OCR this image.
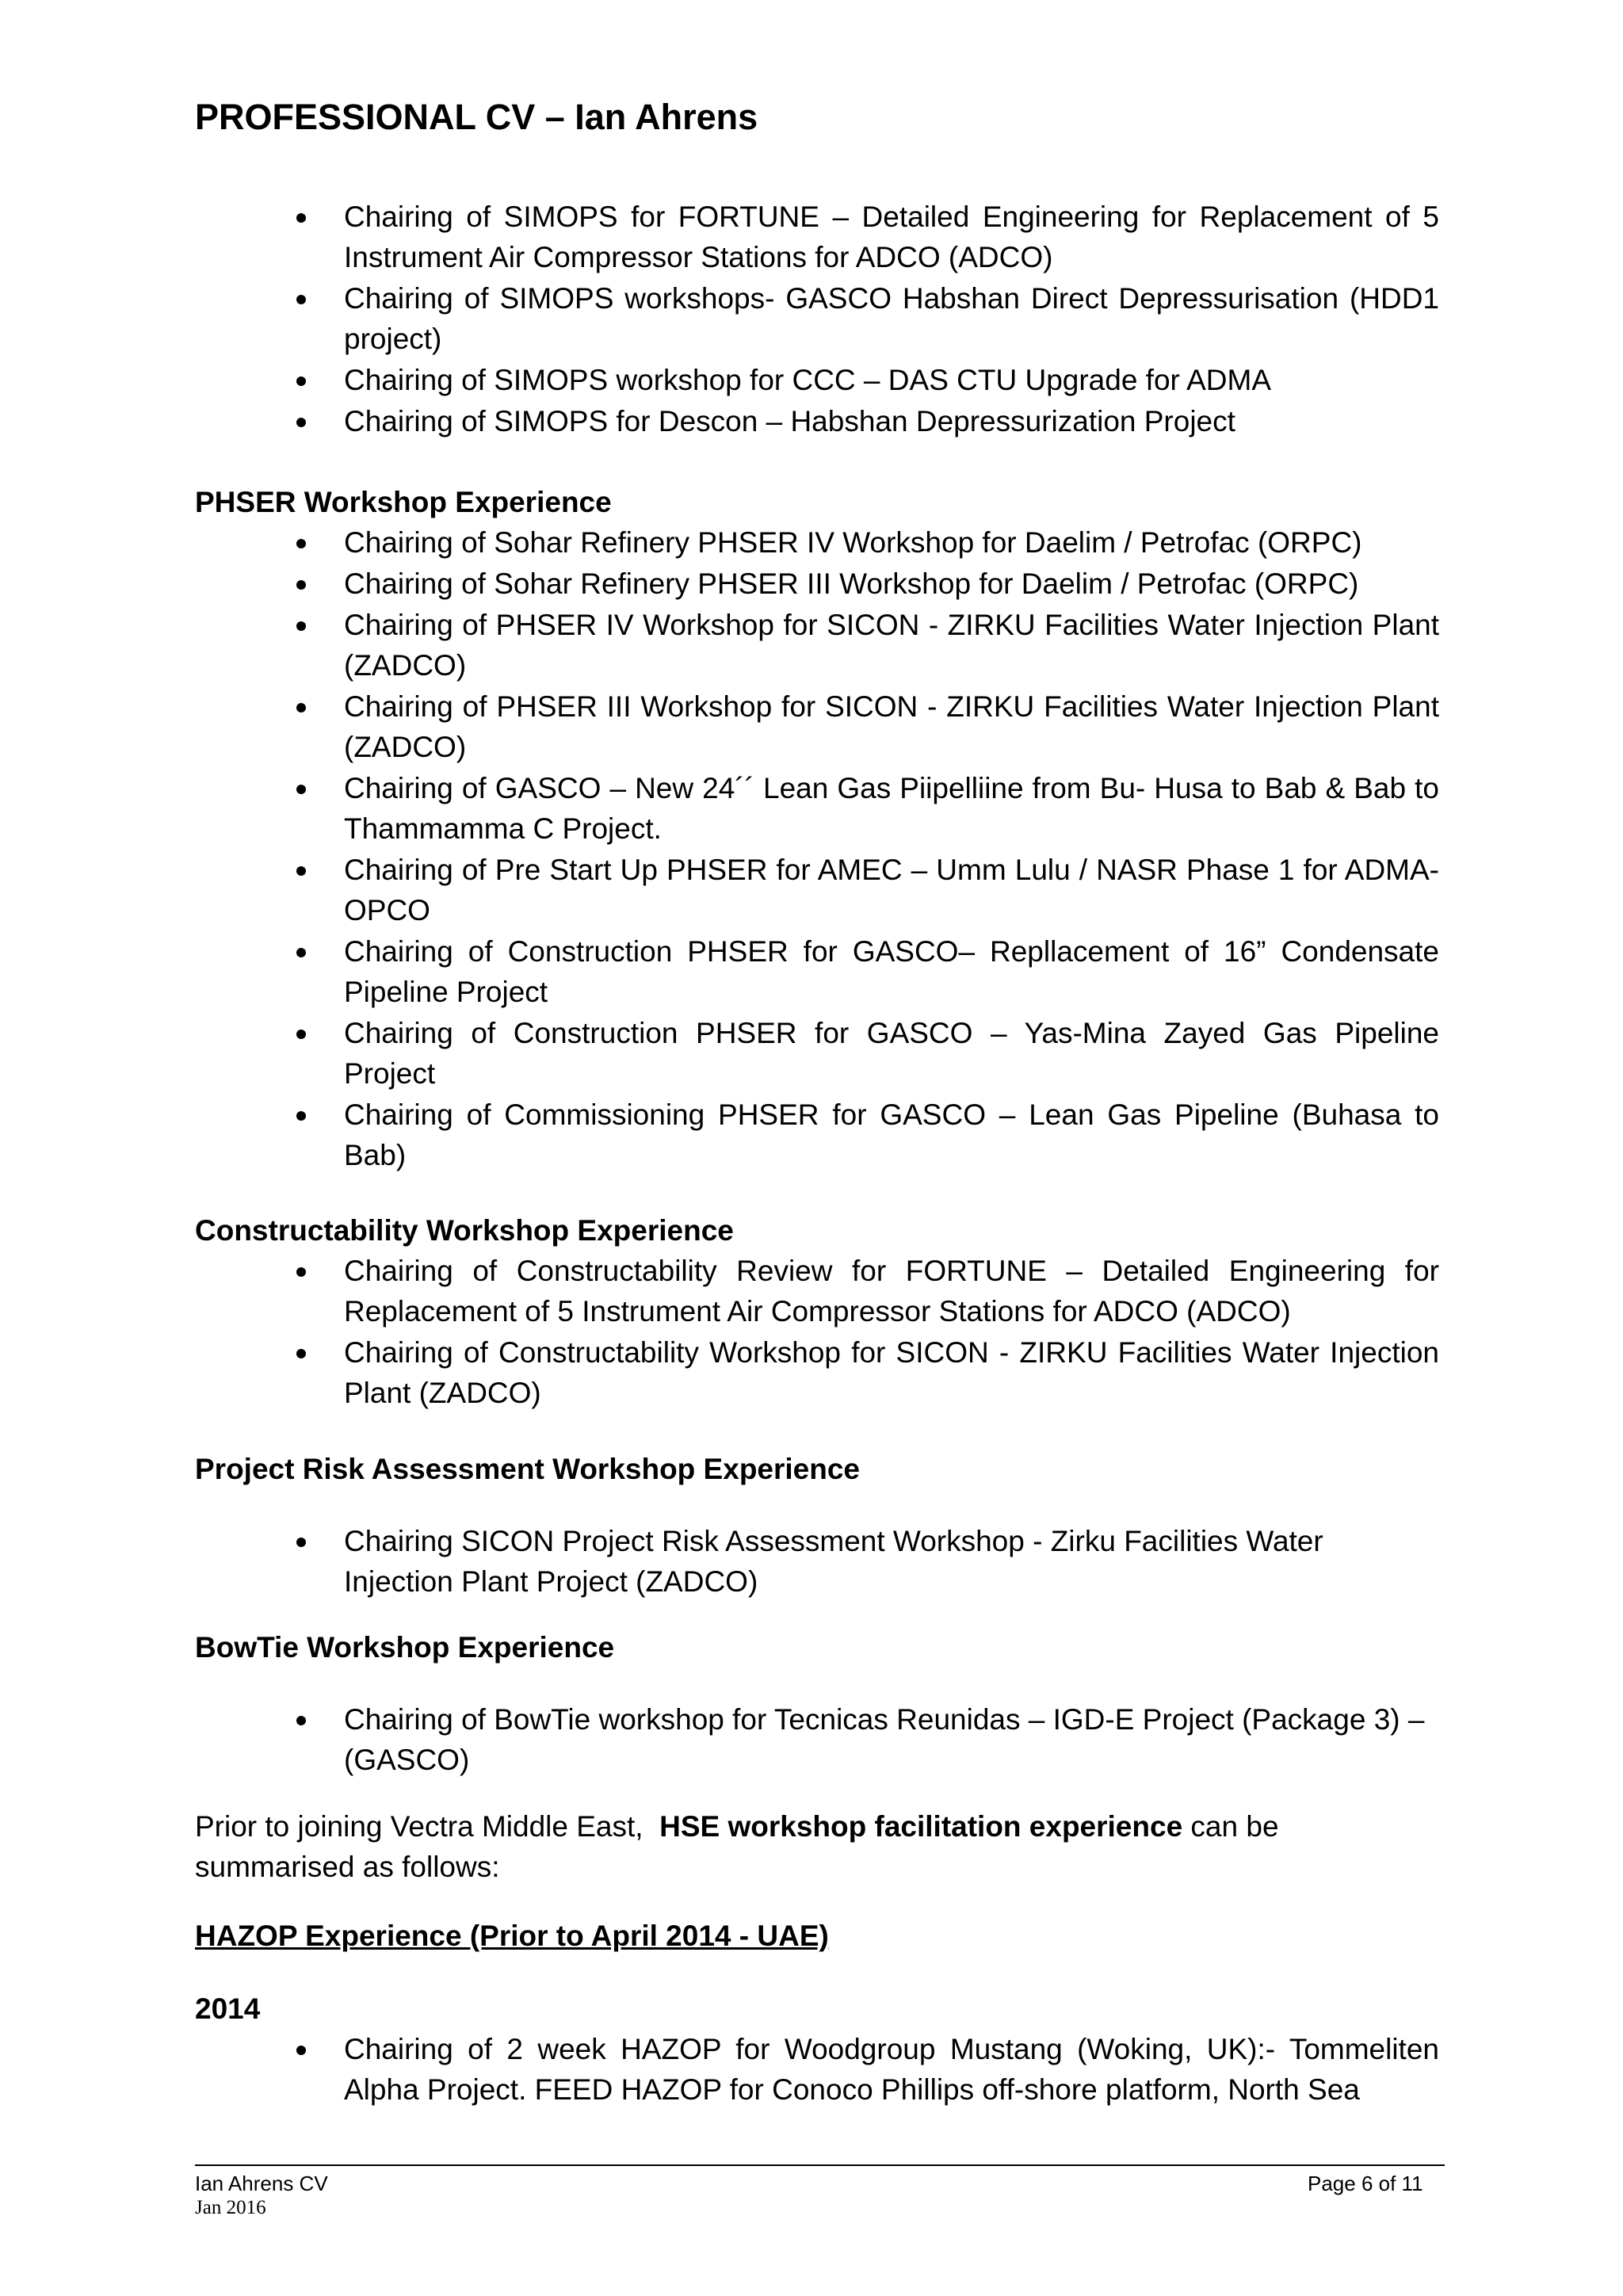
PROFESSIONAL CV – Ian Ahrens
Chairing of SIMOPS for FORTUNE – Detailed Engineering for Replacement of 5 Instrument Air Compressor Stations for ADCO (ADCO)
Chairing of SIMOPS workshops- GASCO Habshan Direct Depressurisation (HDD1 project)
Chairing of SIMOPS workshop for CCC – DAS CTU Upgrade for ADMA
Chairing of SIMOPS for Descon – Habshan Depressurization Project

PHSER Workshop Experience

Chairing of Sohar Refinery PHSER IV Workshop for Daelim / Petrofac (ORPC)
Chairing of Sohar Refinery PHSER III Workshop for Daelim / Petrofac (ORPC)
Chairing of PHSER IV Workshop for SICON - ZIRKU Facilities Water Injection Plant (ZADCO)
Chairing of PHSER III Workshop for SICON - ZIRKU Facilities Water Injection Plant (ZADCO)
Chairing of GASCO – New 24´´ Lean Gas Piipelliine from Bu- Husa to Bab & Bab to Thammamma C Project.
Chairing of Pre Start Up PHSER for AMEC – Umm Lulu / NASR Phase 1 for ADMA-OPCO
Chairing of Construction PHSER for GASCO– Repllacement of 16” Condensate Pipeline Project
Chairing of Construction PHSER for GASCO – Yas-Mina Zayed Gas Pipeline Project
Chairing of Commissioning PHSER for GASCO – Lean Gas Pipeline (Buhasa to Bab)

Constructability Workshop Experience

Chairing of Constructability Review for FORTUNE – Detailed Engineering for Replacement of 5 Instrument Air Compressor Stations for ADCO (ADCO)
Chairing of Constructability Workshop for SICON - ZIRKU Facilities Water Injection Plant (ZADCO)

Project Risk Assessment Workshop Experience

Chairing SICON Project Risk Assessment Workshop - Zirku Facilities Water Injection Plant Project (ZADCO)

BowTie Workshop Experience

Chairing of BowTie workshop for Tecnicas Reunidas – IGD-E Project (Package 3) – (GASCO)

Prior to joining Vectra Middle East,  HSE workshop facilitation experience can be summarised as follows:

HAZOP Experience (Prior to April 2014 - UAE)

2014

Chairing of 2 week HAZOP for Woodgroup Mustang (Woking, UK):- Tommeliten Alpha Project. FEED HAZOP for Conoco Phillips off-shore platform, North Sea
Ian Ahrens CV
Jan 2016
Page 6 of 11
